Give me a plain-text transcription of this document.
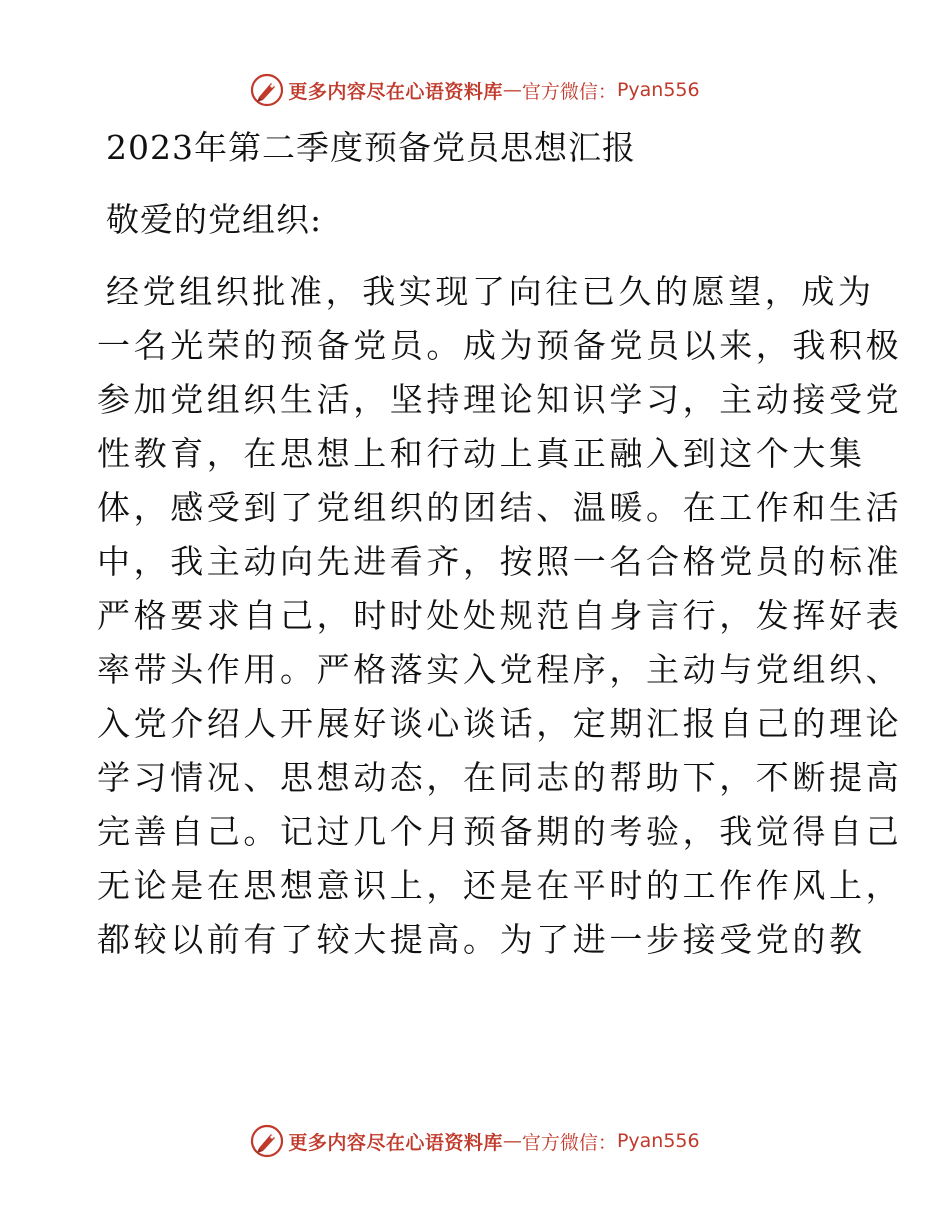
更多内容尽在心语资料库 — 官方微信： Pyan556
2023年第二季度预备党员思想汇报
敬爱的党组织:
经党组织批准，我实现了向往已久的愿望，成为
一名光荣的预备党员。成为预备党员以来，我积极
参加党组织生活，坚持理论知识学习，主动接受党
性教育，在思想上和行动上真正融入到这个大集
体，感受到了党组织的团结、温暖。在工作和生活
中，我主动向先进看齐，按照一名合格党员的标准
严格要求自己，时时处处规范自身言行，发挥好表
率带头作用。严格落实入党程序，主动与党组织、
入党介绍人开展好谈心谈话，定期汇报自己的理论
学习情况、思想动态，在同志的帮助下，不断提高
完善自己。记过几个月预备期的考验，我觉得自己
无论是在思想意识上，还是在平时的工作作风上，
都较以前有了较大提高。为了进一步接受党的教
更多内容尽在心语资料库 — 官方微信： Pyan556
